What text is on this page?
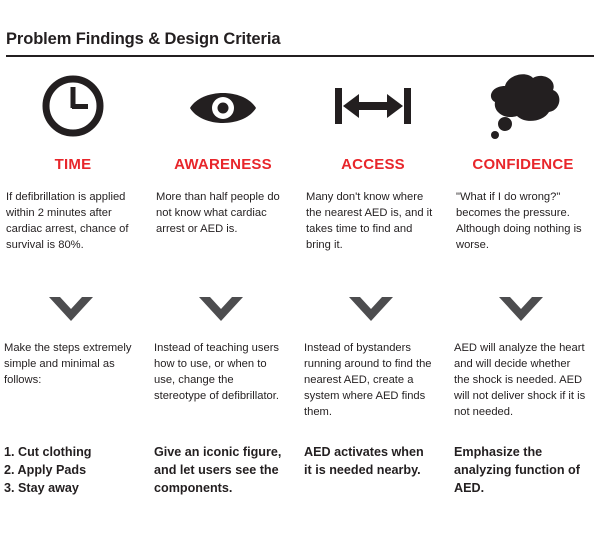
Problem Findings & Design Criteria
TIME
If defibrillation is applied within 2 minutes after cardiac arrest, chance of survival is 80%.
AWARENESS
More than half people do not know what cardiac arrest or AED is.
ACCESS
Many don't know where the nearest AED is, and it takes time to find and bring it.
CONFIDENCE
"What if I do wrong?" becomes the pressure. Although doing nothing is worse.
Make the steps extremely simple and minimal as follows:
Instead of teaching users how to use, or when to use, change the stereotype of defibrillator.
Instead of bystanders running around to find the nearest AED, create a system where AED finds them.
AED will analyze the heart and will decide whether the shock is needed. AED will not deliver shock if it is not needed.
1. Cut clothing
2. Apply Pads
3. Stay away
Give an iconic figure,
and let users see the
components.
AED activates when
it is needed nearby.
Emphasize the
analyzing function of
AED.
